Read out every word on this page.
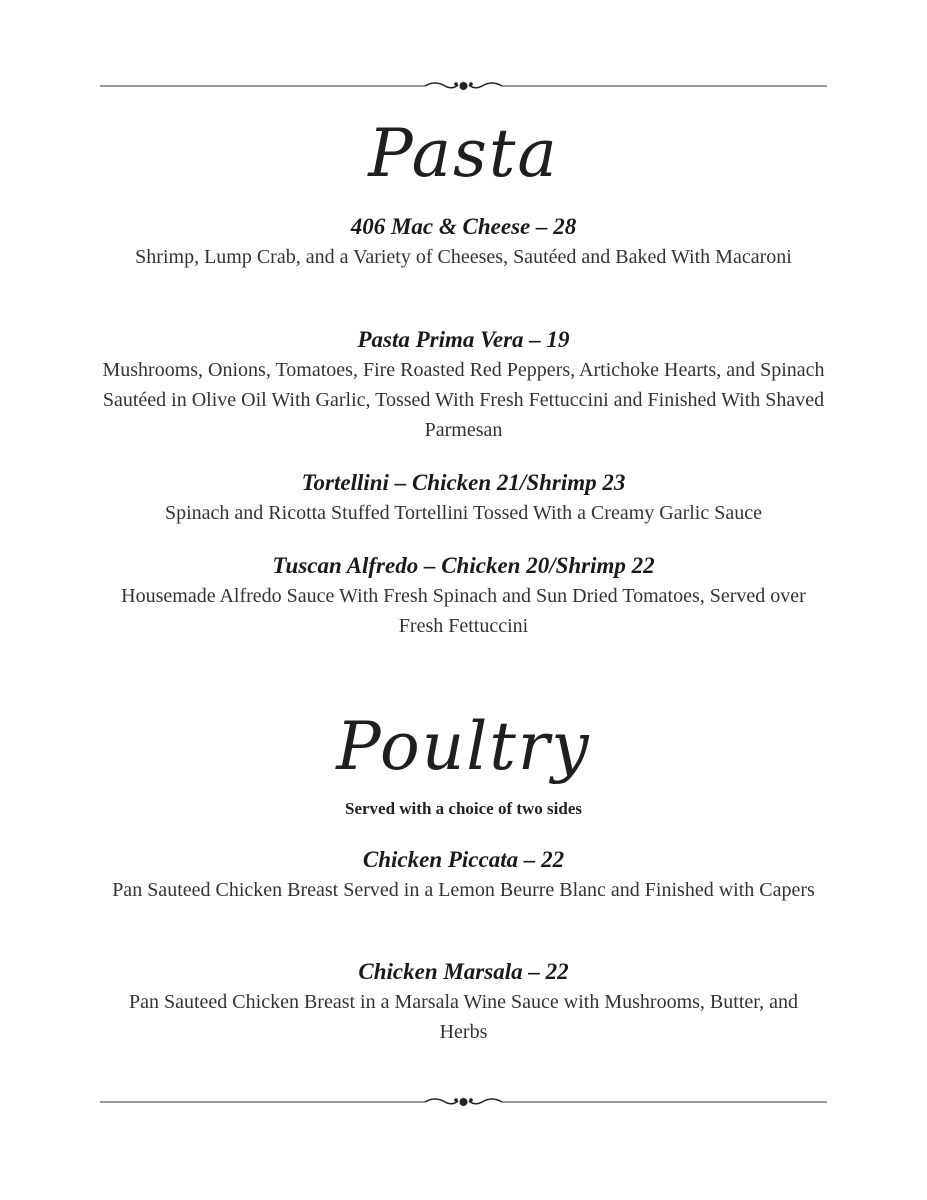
Pasta
406 Mac & Cheese – 28
Shrimp, Lump Crab, and a Variety of Cheeses, Sautéed and Baked With Macaroni
Pasta Prima Vera – 19
Mushrooms, Onions, Tomatoes, Fire Roasted Red Peppers, Artichoke Hearts, and Spinach Sautéed in Olive Oil With Garlic, Tossed With Fresh Fettuccini and Finished With Shaved Parmesan
Tortellini – Chicken 21/Shrimp 23
Spinach and Ricotta Stuffed Tortellini Tossed With a Creamy Garlic Sauce
Tuscan Alfredo – Chicken 20/Shrimp 22
Housemade Alfredo Sauce With Fresh Spinach and Sun Dried Tomatoes, Served over Fresh Fettuccini
Poultry
Served with a choice of two sides
Chicken Piccata – 22
Pan Sauteed Chicken Breast Served in a Lemon Beurre Blanc and Finished with Capers
Chicken Marsala – 22
Pan Sauteed Chicken Breast in a Marsala Wine Sauce with Mushrooms, Butter, and Herbs
